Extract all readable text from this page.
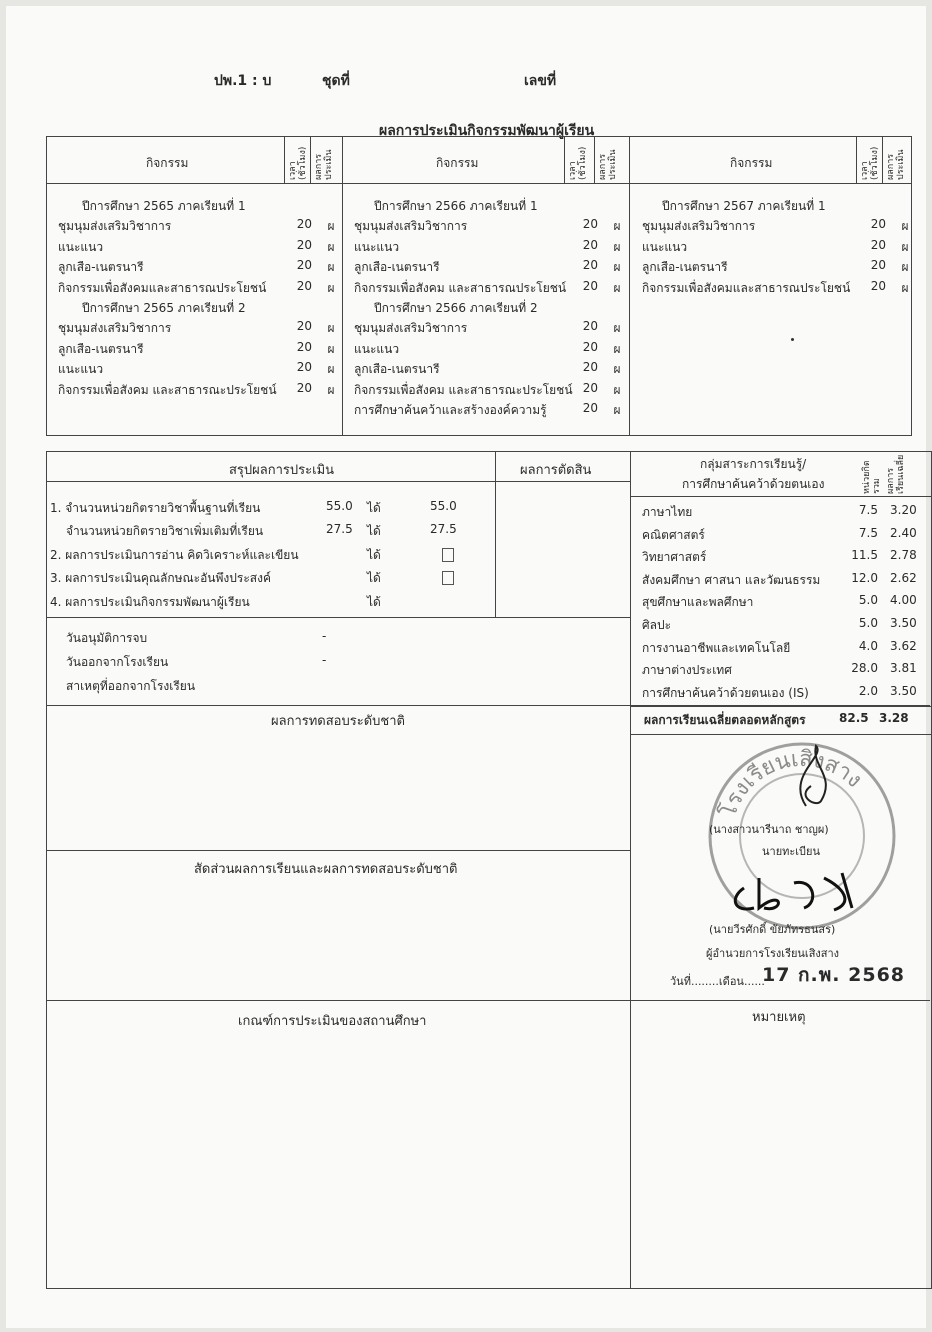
ปพ.1 : บ	ชุดที่	เลขที่
ผลการประเมินกิจกรรมพัฒนาผู้เรียน
กิจกรรม	กิจกรรม	กิจกรรม
เวลา (ชั่วโมง) ผลการประเมิน	เวลา (ชั่วโมง) ผลการประเมิน	เวลา (ชั่วโมง) ผลการประเมิน
ปีการศึกษา 2565 ภาคเรียนที่ 1
ชุมนุมส่งเสริมวิชาการ	20 ผ
แนะแนว	20 ผ
ลูกเสือ-เนตรนารี	20 ผ
กิจกรรมเพื่อสังคมและสาธารณประโยชน์	20 ผ
ปีการศึกษา 2565 ภาคเรียนที่ 2
ชุมนุมส่งเสริมวิชาการ	20 ผ
ลูกเสือ-เนตรนารี	20 ผ
แนะแนว	20 ผ
กิจกรรมเพื่อสังคม และสาธารณะประโยชน์	20 ผ
ปีการศึกษา 2566 ภาคเรียนที่ 1
ชุมนุมส่งเสริมวิชาการ	20 ผ
แนะแนว	20 ผ
ลูกเสือ-เนตรนารี	20 ผ
กิจกรรมเพื่อสังคม และสาธารณประโยชน์	20 ผ
ปีการศึกษา 2566 ภาคเรียนที่ 2
ชุมนุมส่งเสริมวิชาการ	20 ผ
แนะแนว	20 ผ
ลูกเสือ-เนตรนารี	20 ผ
กิจกรรมเพื่อสังคม และสาธารณะประโยชน์ 20 ผ
การศึกษาค้นคว้าและสร้างองค์ความรู้	20 ผ
ปีการศึกษา 2567 ภาคเรียนที่ 1
ชุมนุมส่งเสริมวิชาการ	20 ผ
แนะแนว	20 ผ
ลูกเสือ-เนตรนารี	20 ผ
กิจกรรมเพื่อสังคมและสาธารณประโยชน์	20 ผ
สรุปผลการประเมิน	ผลการตัดสิน
1. จำนวนหน่วยกิตรายวิชาพื้นฐานที่เรียน	55.0 ได้	55.0
จำนวนหน่วยกิตรายวิชาเพิ่มเติมที่เรียน	27.5 ได้	27.5
2. ผลการประเมินการอ่าน คิดวิเคราะห์และเขียน	ได้
3. ผลการประเมินคุณลักษณะอันพึงประสงค์	ได้
4. ผลการประเมินกิจกรรมพัฒนาผู้เรียน	ได้
วันอนุมัติการจบ	-
วันออกจากโรงเรียน	-
สาเหตุที่ออกจากโรงเรียน
กลุ่มสาระการเรียนรู้/
การศึกษาค้นคว้าด้วยตนเอง	หน่วยกิตรวม ผลการเรียนเฉลี่ย
ภาษาไทย	7.5 3.20
คณิตศาสตร์	7.5 2.40
วิทยาศาสตร์	11.5 2.78
สังคมศึกษา ศาสนา และวัฒนธรรม	12.0 2.62
สุขศึกษาและพลศึกษา	5.0 4.00
ศิลปะ	5.0 3.50
การงานอาชีพและเทคโนโลยี	4.0 3.62
ภาษาต่างประเทศ	28.0 3.81
การศึกษาค้นคว้าด้วยตนเอง (IS)	2.0 3.50
ผลการเรียนเฉลี่ยตลอดหลักสูตร	82.5 3.28
ผลการทดสอบระดับชาติ
สัดส่วนผลการเรียนและผลการทดสอบระดับชาติ
เกณฑ์การประเมินของสถานศึกษา	หมายเหตุ
โรงเรียนเสิงสาง
(นางสาวนารีนาถ ชาญผ)
นายทะเบียน
(นายวีรศักดิ์ ขัยภัทรธนสร)
ผู้อำนวยการโรงเรียนเสิงสาง
วันที่........เดือน......
17 ก.พ. 2568
